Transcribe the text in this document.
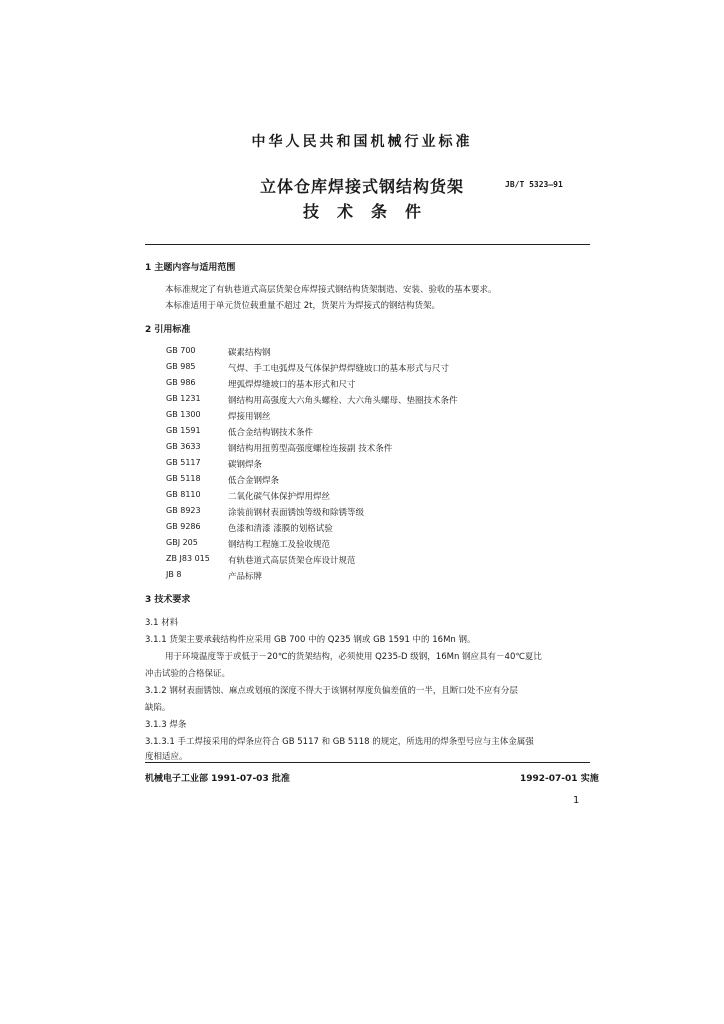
中华人民共和国机械行业标准
立体仓库焊接式钢结构货架	JB/T 5323—91
技术条件
1 主题内容与适用范围
本标准规定了有轨巷道式高层货架仓库焊接式钢结构货架制造、安装、验收的基本要求。
本标准适用于单元货位载重量不超过 2t，货架片为焊接式的钢结构货架。
2 引用标准
GB 700	碳素结构钢
GB 985	气焊、手工电弧焊及气体保护焊焊缝坡口的基本形式与尺寸
GB 986	埋弧焊焊缝坡口的基本形式和尺寸
GB 1231	钢结构用高强度大六角头螺栓、大六角头螺母、垫圈技术条件
GB 1300	焊接用钢丝
GB 1591	低合金结构钢技术条件
GB 3633	钢结构用扭剪型高强度螺栓连接副 技术条件
GB 5117	碳钢焊条
GB 5118	低合金钢焊条
GB 8110	二氧化碳气体保护焊用焊丝
GB 8923	涂装前钢材表面锈蚀等级和除锈等级
GB 9286	色漆和清漆 漆膜的划格试验
GBJ 205	钢结构工程施工及验收规范
ZB J83 015 有轨巷道式高层货架仓库设计规范
JB 8	产品标牌
3 技术要求
3.1 材料
3.1.1 货架主要承载结构件应采用 GB 700 中的 Q235 钢或 GB 1591 中的 16Mn 钢。
用于环境温度等于或低于－20℃的货架结构，必须使用 Q235-D 级钢，16Mn 钢应具有－40℃夏比
冲击试验的合格保证。
3.1.2 钢材表面锈蚀、麻点或划痕的深度不得大于该钢材厚度负偏差值的一半，且断口处不应有分层
缺陷。
3.1.3 焊条
3.1.3.1 手工焊接采用的焊条应符合 GB 5117 和 GB 5118 的规定，所选用的焊条型号应与主体金属强
度相适应。
机械电子工业部 1991-07-03 批准	1992-07-01 实施
1
